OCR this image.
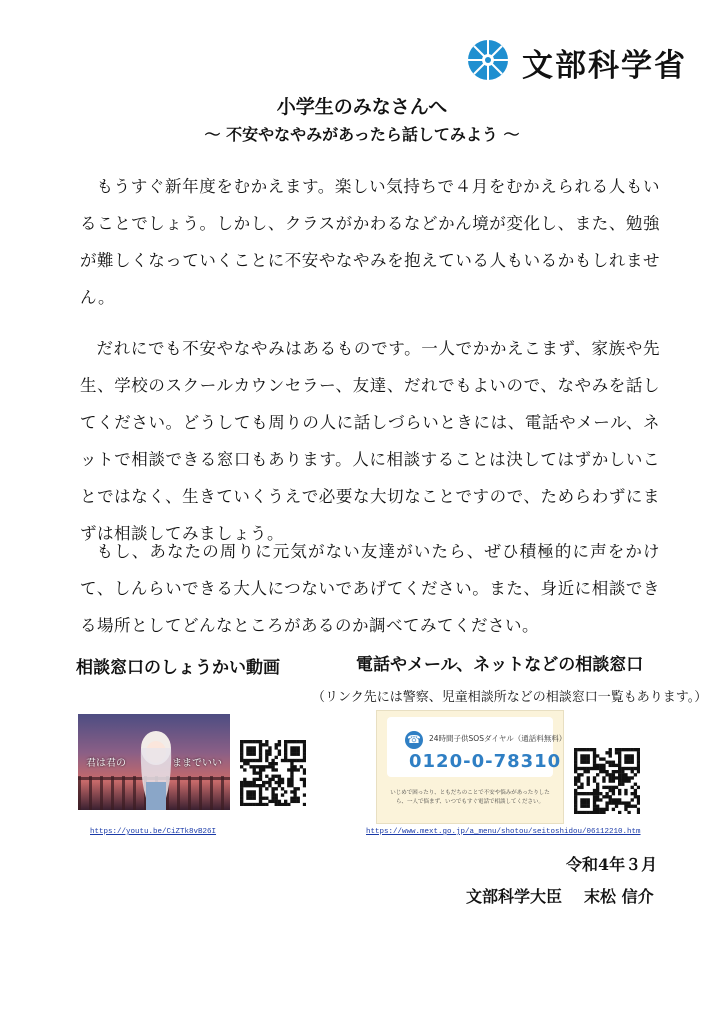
文部科学省
小学生のみなさんへ
～ 不安やなやみがあったら話してみよう ～

もうすぐ新年度をむかえます。楽しい気持ちで４月をむかえられる人もいることでしょう。しかし、クラスがかわるなどかん境が変化し、また、勉強が難しくなっていくことに不安やなやみを抱えている人もいるかもしれません。

だれにでも不安やなやみはあるものです。一人でかかえこまず、家族や先生、学校のスクールカウンセラー、友達、だれでもよいので、なやみを話してください。どうしても周りの人に話しづらいときには、電話やメール、ネットで相談できる窓口もあります。人に相談することは決してはずかしいことではなく、生きていくうえで必要な大切なことですので、ためらわずにまずは相談してみましょう。

もし、あなたの周りに元気がない友達がいたら、ぜひ積極的に声をかけて、しんらいできる大人につないであげてください。また、身近に相談できる場所としてどんなところがあるのか調べてみてください。

相談窓口のしょうかい動画	電話やメール、ネットなどの相談窓口
（リンク先には警察、児童相談所などの相談窓口一覧もあります。）
君は君の	ままでいい
☎ 24時間子供SOSダイヤル（通話料無料）
0120-0-78310
いじめで困ったり、ともだちのことで不安や悩みがあったりしたら、一人で悩まず、いつでもすぐ電話で相談してください。
https://youtu.be/CiZTk8vB26I	https://www.mext.go.jp/a_menu/shotou/seitoshidou/06112210.htm
令和4年３月
文部科学大臣 末松 信介
